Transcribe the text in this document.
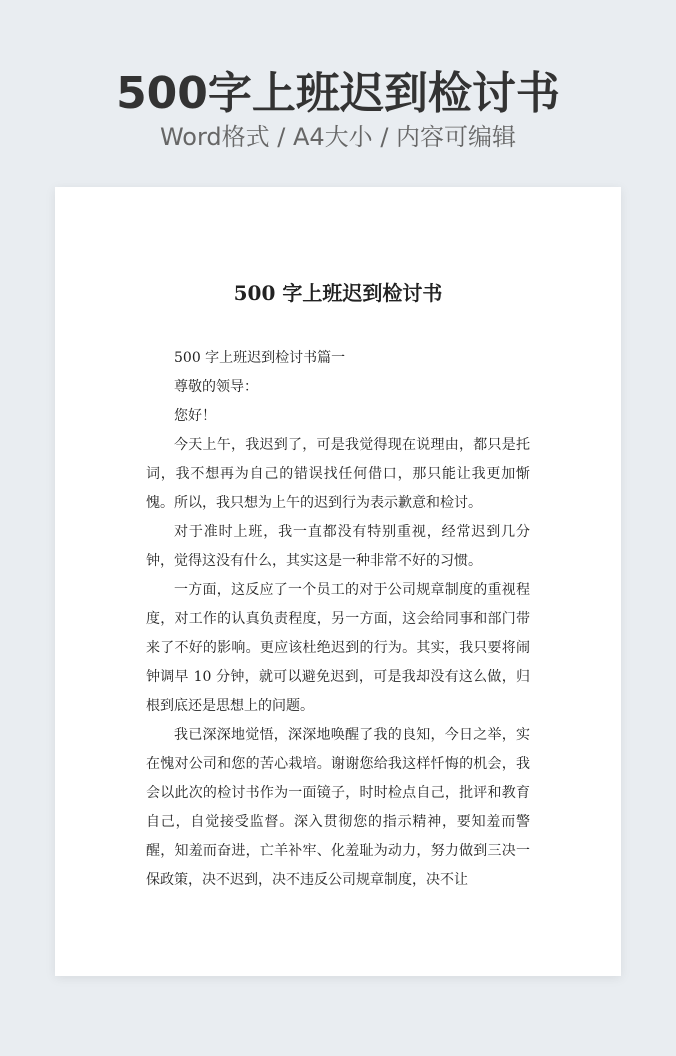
500字上班迟到检讨书
Word格式 / A4大小 / 内容可编辑
500 字上班迟到检讨书

500 字上班迟到检讨书篇一

尊敬的领导：

您好！

今天上午，我迟到了，可是我觉得现在说理由，都只是托词，我不想再为自己的错误找任何借口，那只能让我更加惭愧。所以，我只想为上午的迟到行为表示歉意和检讨。

对于准时上班，我一直都没有特别重视，经常迟到几分钟，觉得这没有什么，其实这是一种非常不好的习惯。

一方面，这反应了一个员工的对于公司规章制度的重视程度，对工作的认真负责程度，另一方面，这会给同事和部门带来了不好的影响。更应该杜绝迟到的行为。其实，我只要将闹钟调早 10 分钟，就可以避免迟到，可是我却没有这么做，归根到底还是思想上的问题。

我已深深地觉悟，深深地唤醒了我的良知，今日之举，实在愧对公司和您的苦心栽培。谢谢您给我这样忏悔的机会，我会以此次的检讨书作为一面镜子，时时检点自己，批评和教育自己，自觉接受监督。深入贯彻您的指示精神，要知羞而警醒，知羞而奋进，亡羊补牢、化羞耻为动力，努力做到三决一保政策，决不迟到，决不违反公司规章制度，决不让
